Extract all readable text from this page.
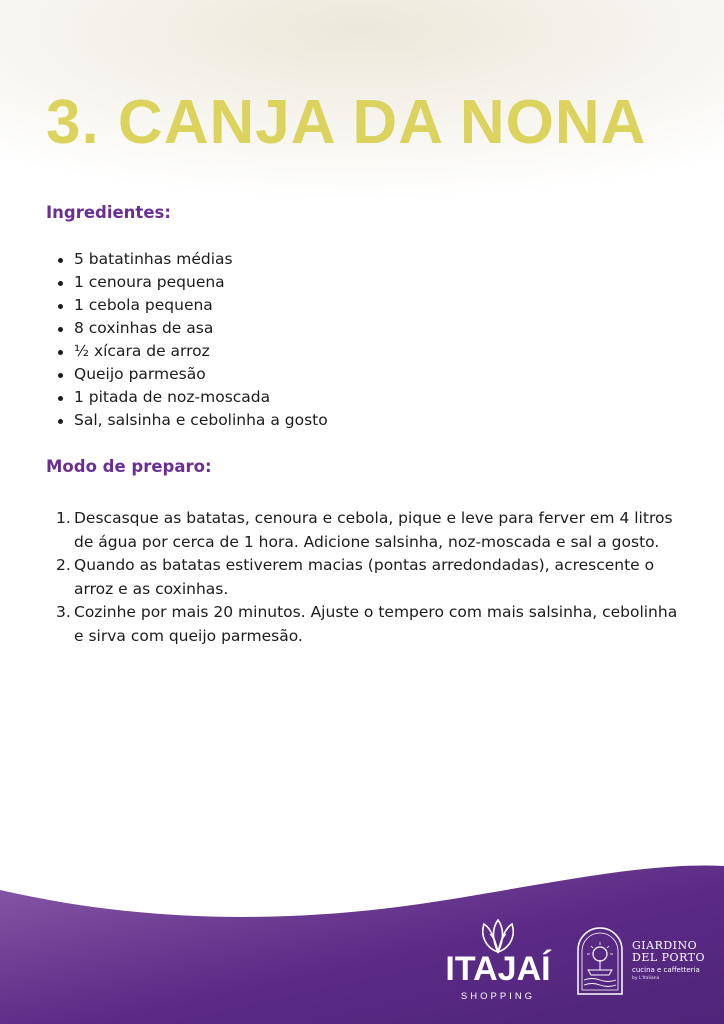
3. CANJA DA NONA
Ingredientes:
5 batatinhas médias
1 cenoura pequena
1 cebola pequena
8 coxinhas de asa
½ xícara de arroz
Queijo parmesão
1 pitada de noz-moscada
Sal, salsinha e cebolinha a gosto
Modo de preparo:
1. Descasque as batatas, cenoura e cebola, pique e leve para ferver em 4 litros de água por cerca de 1 hora. Adicione salsinha, noz-moscada e sal a gosto.
2. Quando as batatas estiverem macias (pontas arredondadas), acrescente o arroz e as coxinhas.
3. Cozinhe por mais 20 minutos. Ajuste o tempero com mais salsinha, cebolinha e sirva com queijo parmesão.
ITAJAÍ
SHOPPING
GIARDINO
DEL PORTO
cucina e caffetteria
by L'Italiana
